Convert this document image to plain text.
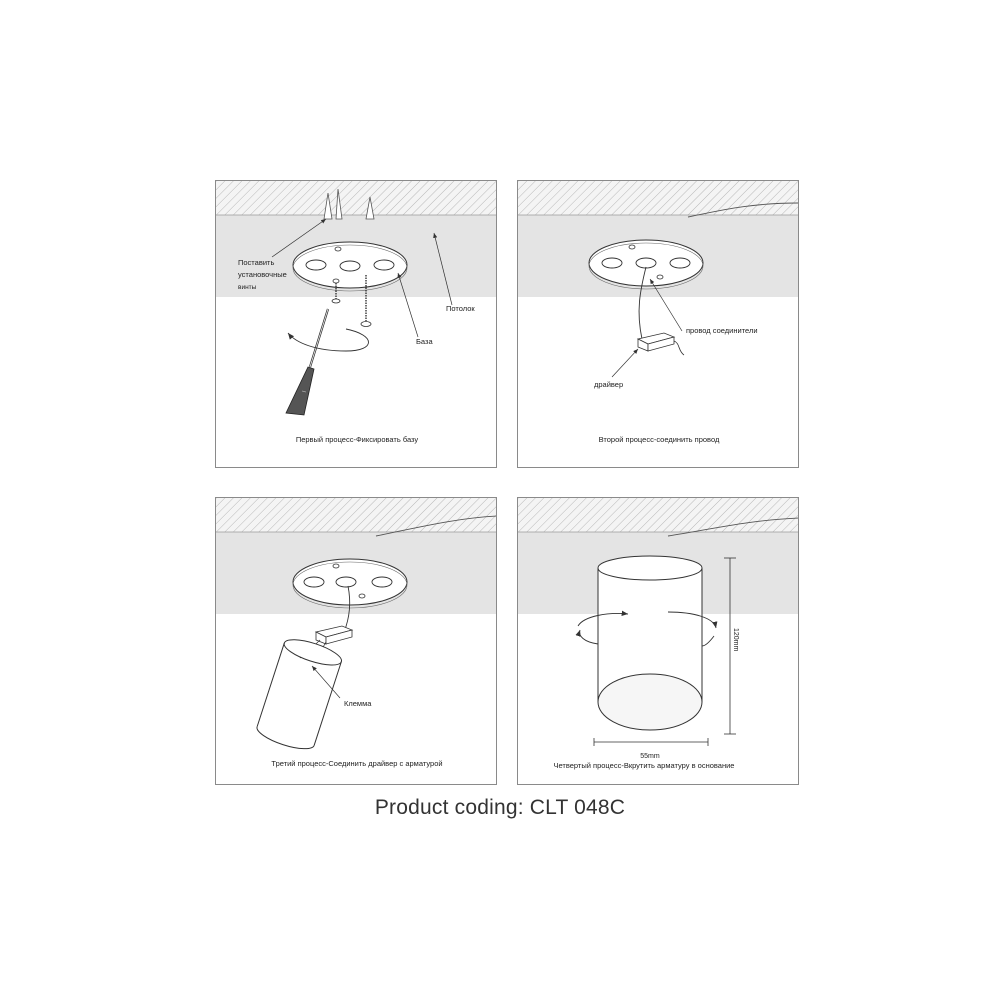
Поставить
установочные
винты
Потолок
База
Первый процесс-Фиксировать базу
провод соединители
драйвер
Второй процесс-соединить провод
Клемма
Третий процесс-Соединить драйвер с арматурой
120mm
55mm
Четвертый процесс-Вкрутить арматуру в основание
Product coding: CLT 048C
